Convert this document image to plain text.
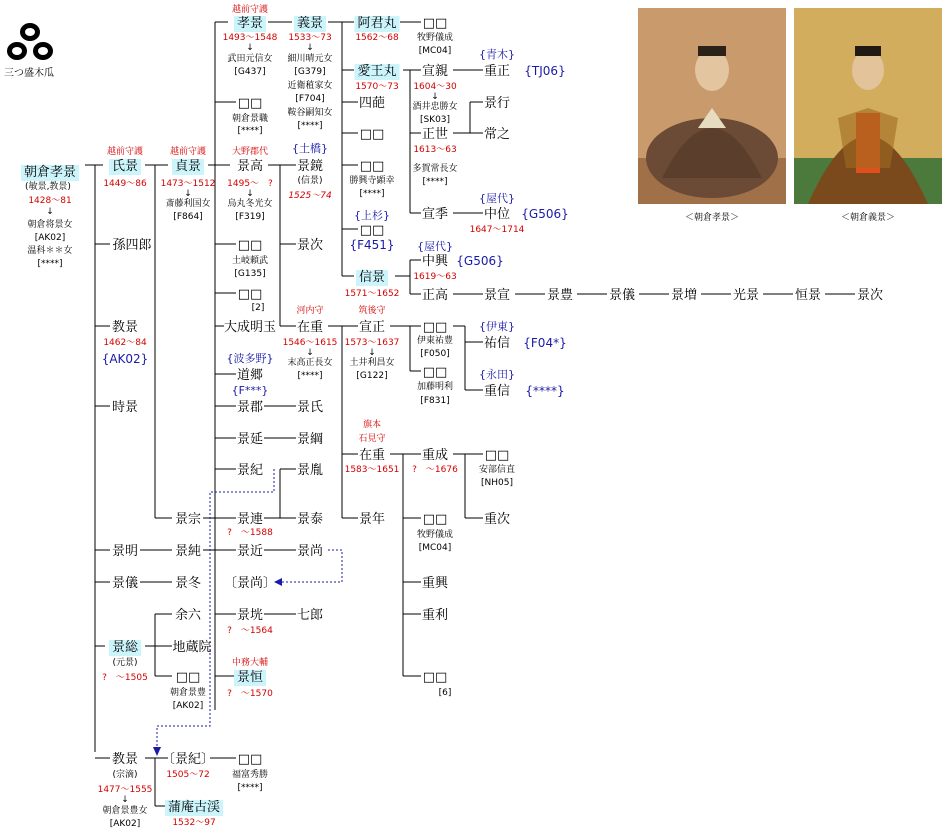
三つ盛木瓜
＜朝倉孝景＞	＜朝倉義景＞
朝倉孝景
(敏景,教景)
1428〜81
↓
朝倉将景女
[AK02]
温科＊＊女
[****]
越前守護
氏景
1449〜86
孫四郎
教景
1462〜84
{AK02}
時景
越前守護
貞景
1473〜1512
↓
斎藤利国女
[F864]
越前守護
孝景
1493〜1548
↓
武田元信女
[G437]
□□
朝倉景職
[****]
大野郡代
景高
1495〜　?
↓
烏丸冬光女
[F319]
□□
土岐頼武
[G135]
□□
[2]
大成明玉
{波多野}
道郷
{F***}
景郡
景延
景紀
景連
?　〜1588
景近
〔景尚〕
景垙
?　〜1564
中務大輔
景恒
?　〜1570
□□
福富秀勝
[****]
景宗
景明	景純
景儀	景冬
余六
景総
(元景)
?　〜1505
地蔵院
□□
朝倉景豊
[AK02]
教景
(宗滴)
1477〜1555
↓
朝倉景豊女
[AK02]
〔景紀〕
1505〜72
蒲庵古渓
1532〜97
義景
1533〜73
↓
細川晴元女
[G379]
近衛稙家女
[F704]
鞍谷嗣知女
[****]
{土橋}
景鏡
(信景)
1525〜74
景次
河内守
在重
1546〜1615
↓
末高正長女
[****]
景氏
景綱
景胤
景泰
景尚
七郎
阿君丸
1562〜68
愛王丸
1570〜73
四葩
□□
□□
勝興寺顕幸
[****]
{上杉}
□□
{F451}
信景
1571〜1652
筑後守
宣正
1573〜1637
↓
土井利昌女
[G122]
旗本
石見守
在重
1583〜1651
景年
□□
牧野儀成
[MC04]
宣親
1604〜30
↓
酒井忠勝女
[SK03]
正世
1613〜63
多賀常長女
[****]
宣季
{屋代}
中興
1619〜63
正高
□□
伊東祐豊
[F050]
□□
加藤明利
[F831]
重成
?　〜1676
□□
牧野儀成
[MC04]
重興
重利
□□
[6]
{青木}
重正 {TJ06}
景行
常之
{屋代}
中位 {G506}
1647〜1714
{G506}
景宣
{伊東}
祐信 {F04*}
{永田}
重信 {****}
□□
安部信直
[NH05]
重次
景豊	景儀	景増	光景	恒景	景次
